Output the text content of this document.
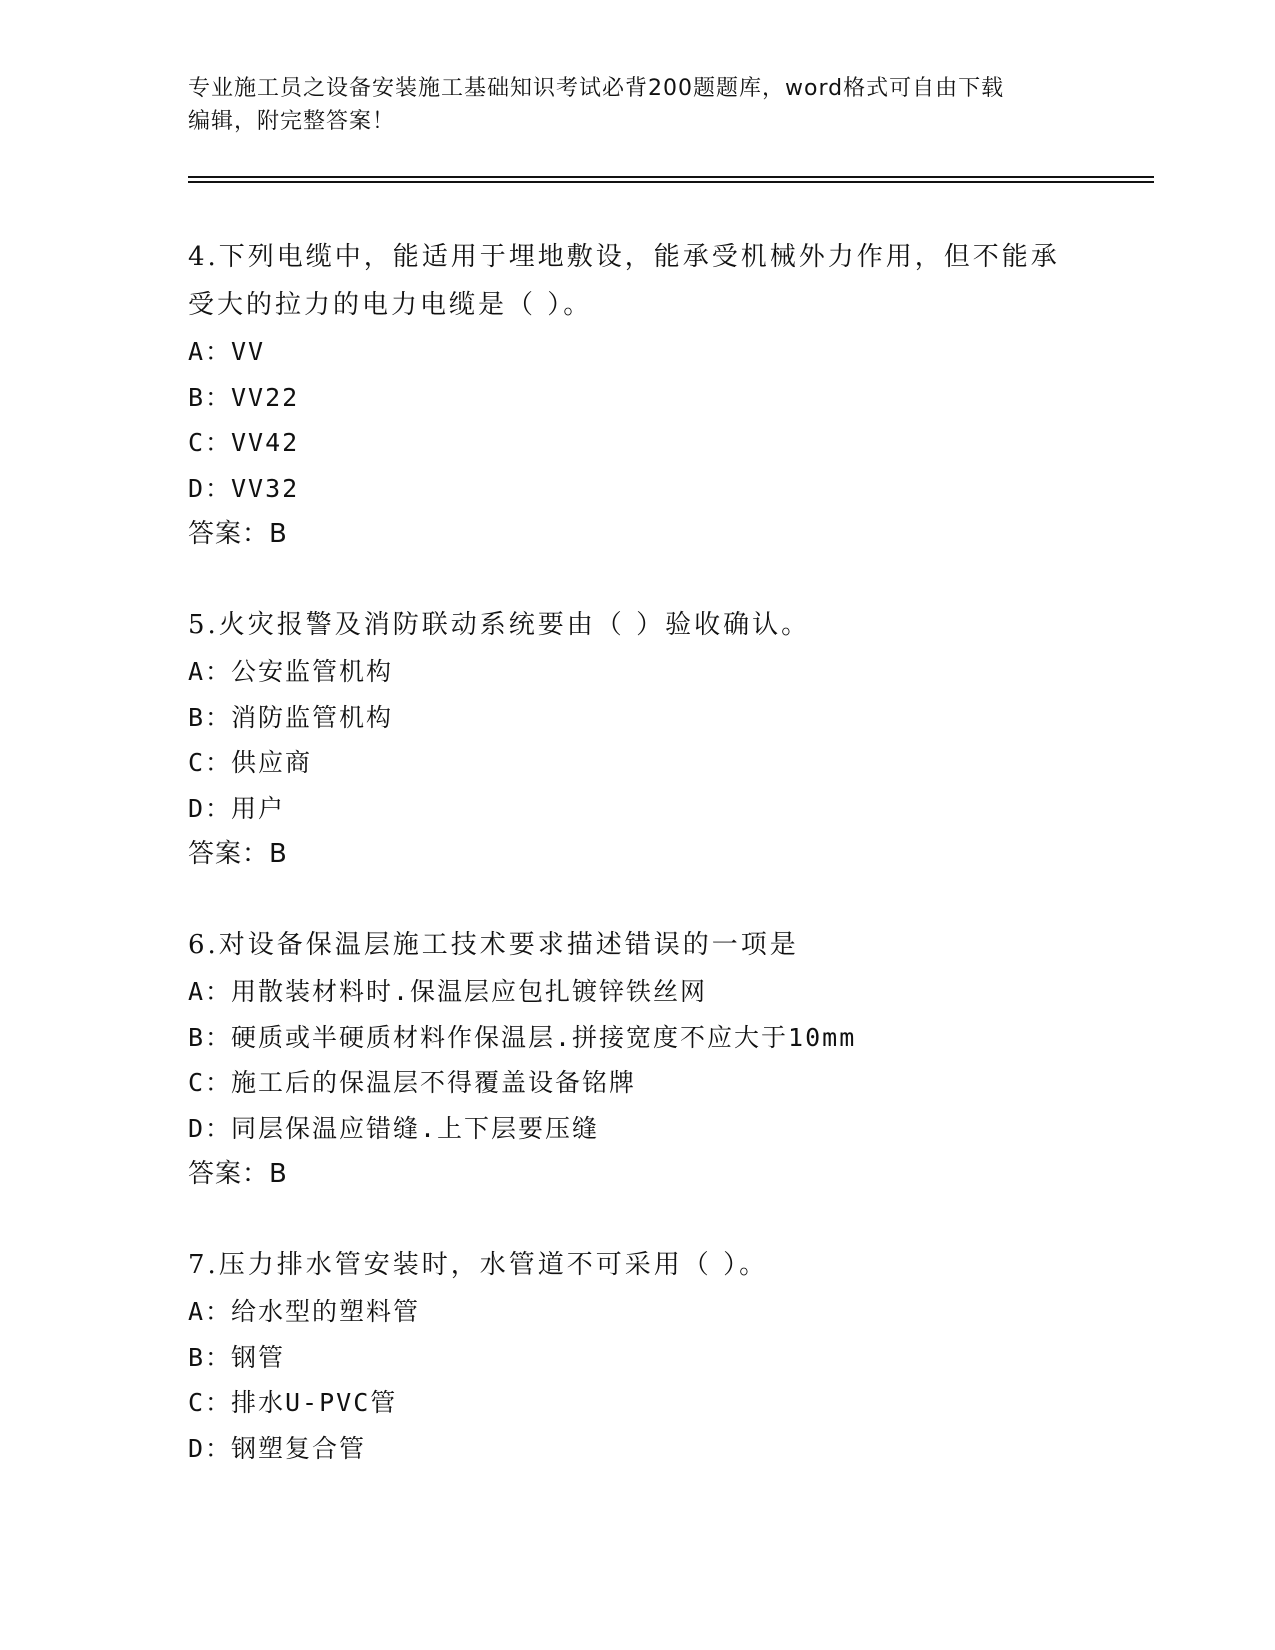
专业施工员之设备安装施工基础知识考试必背200题题库，word格式可自由下载
编辑，附完整答案！

4.下列电缆中，能适用于埋地敷设，能承受机械外力作用，但不能承受大的拉力的电力电缆是（ ）。

A：VV

B：VV22

C：VV42

D：VV32

答案：B

5.火灾报警及消防联动系统要由（ ）验收确认。

A：公安监管机构

B：消防监管机构

C：供应商

D：用户

答案：B

6.对设备保温层施工技术要求描述错误的一项是

A：用散装材料时.保温层应包扎镀锌铁丝网

B：硬质或半硬质材料作保温层.拼接宽度不应大于10mm

C：施工后的保温层不得覆盖设备铭牌

D：同层保温应错缝.上下层要压缝

答案：B

7.压力排水管安装时，水管道不可采用（ ）。

A：给水型的塑料管

B：钢管

C：排水U-PVC管

D：钢塑复合管
